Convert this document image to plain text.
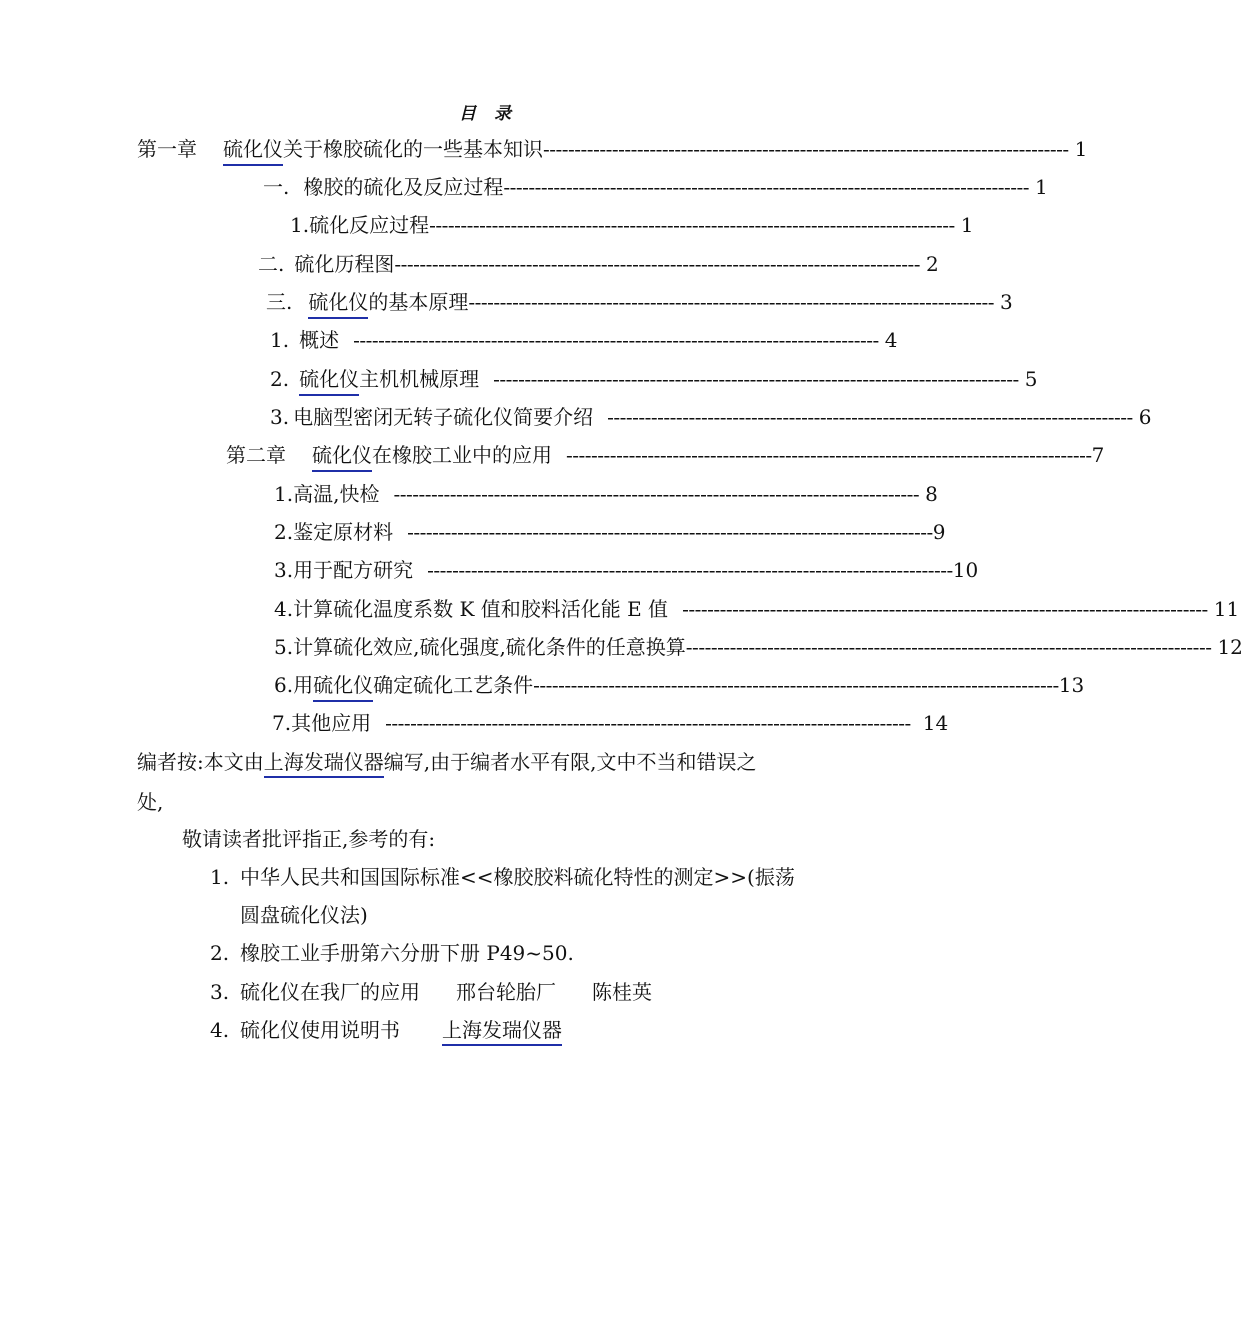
目 录
第一章 硫化仪 关于橡胶硫化的一些基本知识 ------------------------------------------------------------------------------------ 1
一. 橡胶的硫化及反应过程 ------------------------------------------------------------------------------------ 1
1.硫化反应过程 ------------------------------------------------------------------------------------ 1
二. 硫化历程图 ------------------------------------------------------------------------------------ 2
三. 硫化仪 的基本原理 ------------------------------------------------------------------------------------ 3
1. 概述 ------------------------------------------------------------------------------------ 4
2. 硫化仪 主机机械原理 ------------------------------------------------------------------------------------ 5
3. 电脑型密闭无转子硫化仪简要介绍 ------------------------------------------------------------------------------------ 6
第二章 硫化仪 在橡胶工业中的应用 ------------------------------------------------------------------------------------ 7
1.高温,快检 ------------------------------------------------------------------------------------ 8
2.鉴定原材料 ------------------------------------------------------------------------------------ 9
3.用于配方研究 ------------------------------------------------------------------------------------ 10
4.计算硫化温度系数 K 值和胶料活化能 E 值 ------------------------------------------------------------------------------------ 11
5.计算硫化效应,硫化强度,硫化条件的任意换算 ------------------------------------------------------------------------------------ 12
6.用 硫化仪 确定硫化工艺条件 ------------------------------------------------------------------------------------ 13
7.其他应用 ------------------------------------------------------------------------------------ 14
编者按:本文由上海发瑞仪器编写,由于编者水平有限,文中不当和错误之
处,
敬请读者批评指正,参考的有:
1. 中华人民共和国国际标准<<橡胶胶料硫化特性的测定>>(振荡
圆盘硫化仪法)
2. 橡胶工业手册第六分册下册 P49~50.
3. 硫化仪在我厂的应用 邢台轮胎厂 陈桂英
4. 硫化仪使用说明书 上海发瑞仪器
